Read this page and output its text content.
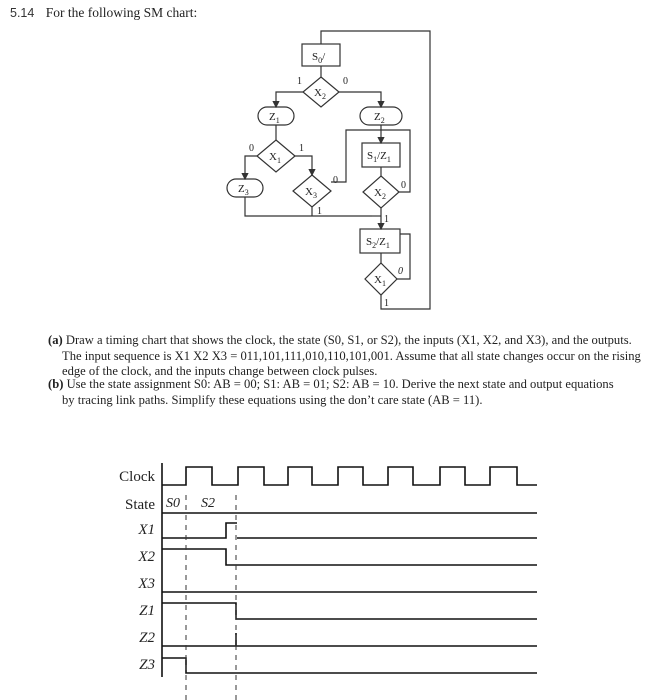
5.14 For the following SM chart:
$S_0/$
$S_1/Z_1$
$S_2/Z_1$
$X_2$
$X_1$
$X_3$	$X_2$
$X_1$
$Z_1$	$Z_2$
$Z_3$
1	0
0	1
0
1
0
1
0
1
(a) Draw a timing chart that shows the clock, the state (S0, S1, or S2), the inputs (X1, X2, and X3), and the outputs.
The input sequence is X1 X2 X3 = 011,101,111,010,110,101,001. Assume that all state changes occur on the rising
edge of the clock, and the inputs change between clock pulses.
(b) Use the state assignment S0: AB = 00; S1: AB = 01; S2: AB = 10. Derive the next state and output equations
by tracing link paths. Simplify these equations using the don’t care state (AB = 11).
Clock
State
X1
X2
X3
Z1
Z2
Z3
S0 S2
